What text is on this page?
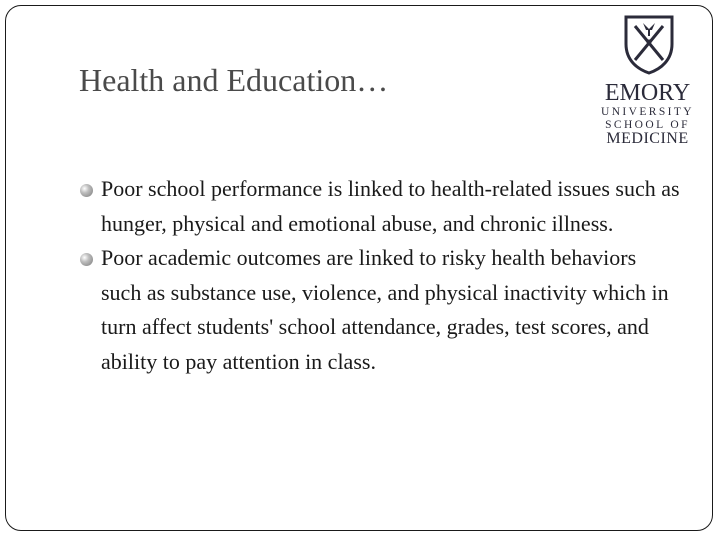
Health and Education…	EMORY
UNIVERSITY
SCHOOL OF
MEDICINE
Poor school performance is linked to health-related issues such as hunger, physical and emotional abuse, and chronic illness.
Poor academic outcomes are linked to risky health behaviors such as substance use, violence, and physical inactivity which in turn affect students' school attendance, grades, test scores, and ability to pay attention in class.
